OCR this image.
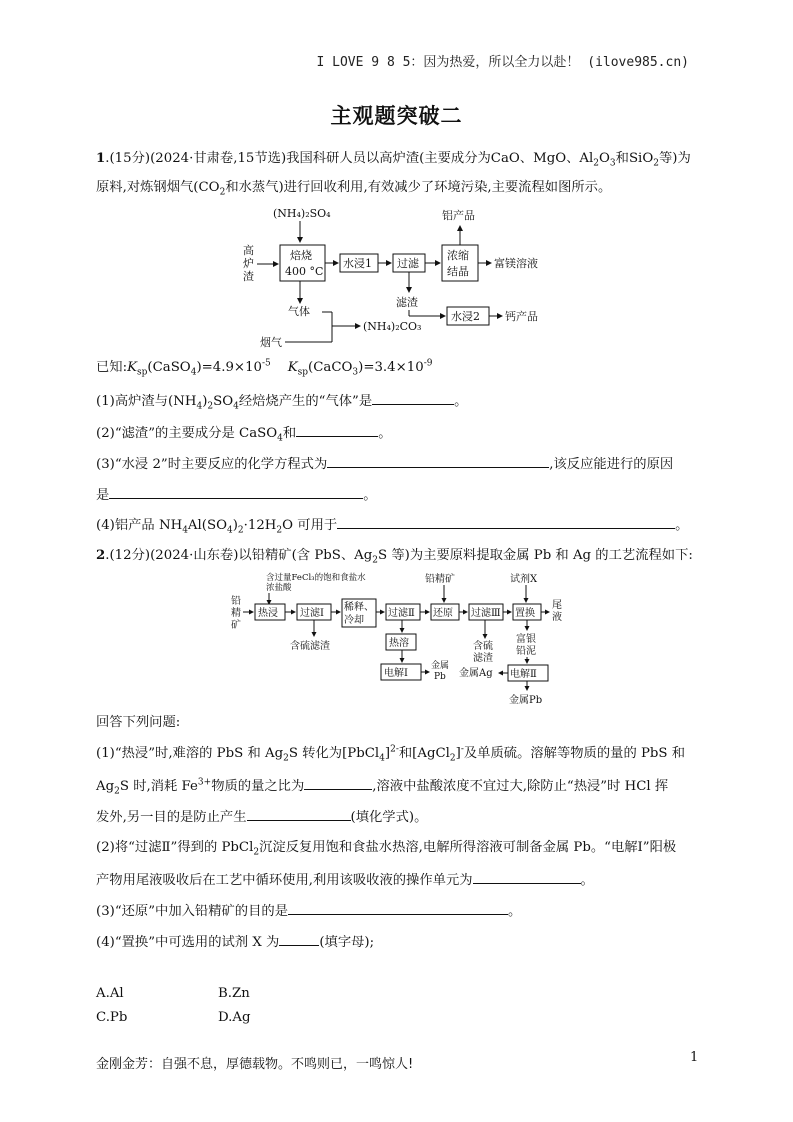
I LOVE 9 8 5：因为热爱，所以全力以赴！ (ilove985.cn)
主观题突破二
1.(15分)(2024·甘肃卷,15节选)我国科研人员以高炉渣(主要成分为CaO、MgO、$Al_2O_3$和SiO$_2$等)为
原料,对炼钢烟气($CO_2$和水蒸气)进行回收利用,有效减少了环境污染,主要流程如图所示。
(NH₄)₂SO₄
高
炉
渣
焙烧
400 °C
水浸1 过滤
浓缩
结晶
铝产品
富镁溶液
气体
滤渣
烟气
(NH₄)₂CO₃
水浸2 钙产品
已知$:K_{sp}(CaSO_4)=4.9\times 10^{-5}$ $K_{sp}(CaCO_3)=3.4\times 10^{-9}$
(1)高炉渣与$(NH_4)_2SO_4$经焙烧产生的“气体”是	。
(2)“滤渣”的主要成分是 CaSO$_4$和	。
(3)“水浸 2”时主要反应的化学方程式为	,该反应能进行的原因
是	。
(4)铝产品 $NH_4Al(SO_4)_2\cdot 12H_2O$ 可用于	。
2.(12分)(2024·山东卷)以铅精矿(含 PbS、$Ag_2S$ 等)为主要原料提取金属 Pb 和 Ag 的工艺流程如下:
含过量FeCl₃的饱和食盐水
浓盐酸
铅
精
矿
热浸 过滤Ⅰ
含硫滤渣
稀释、
冷却
过滤Ⅱ 还原
铅精矿
过滤Ⅲ 置换
试剂X
尾
液
热溶
电解Ⅰ
金属
Pb
含硫
滤渣
金属Ag
富银
铅泥
电解Ⅱ
金属Pb
回答下列问题:
(1)“热浸”时,难溶的 PbS 和 $Ag_2S$ 转化为[PbCl$_4$]$^{2-}$和[AgCl$_2$]-及单质硫。溶解等物质的量的 PbS 和
$Ag_2S$ 时,消耗 $Fe^{3+}$物质的量之比为	,溶液中盐酸浓度不宜过大,除防止“热浸”时 HCl 挥
发外,另一目的是防止产生	(填化学式)。
(2)将“过滤Ⅱ”得到的 PbCl$_2$沉淀反复用饱和食盐水热溶,电解所得溶液可制备金属 Pb。“电解Ⅰ”阳极
产物用尾液吸收后在工艺中循环使用,利用该吸收液的操作单元为	。
(3)“还原”中加入铅精矿的目的是	。
(4)“置换”中可选用的试剂 X 为	(填字母);
A.Al	B.Zn
C.Pb	D.Ag
金刚金芳：自强不息，厚德载物。不鸣则已，一鸣惊人!	1
